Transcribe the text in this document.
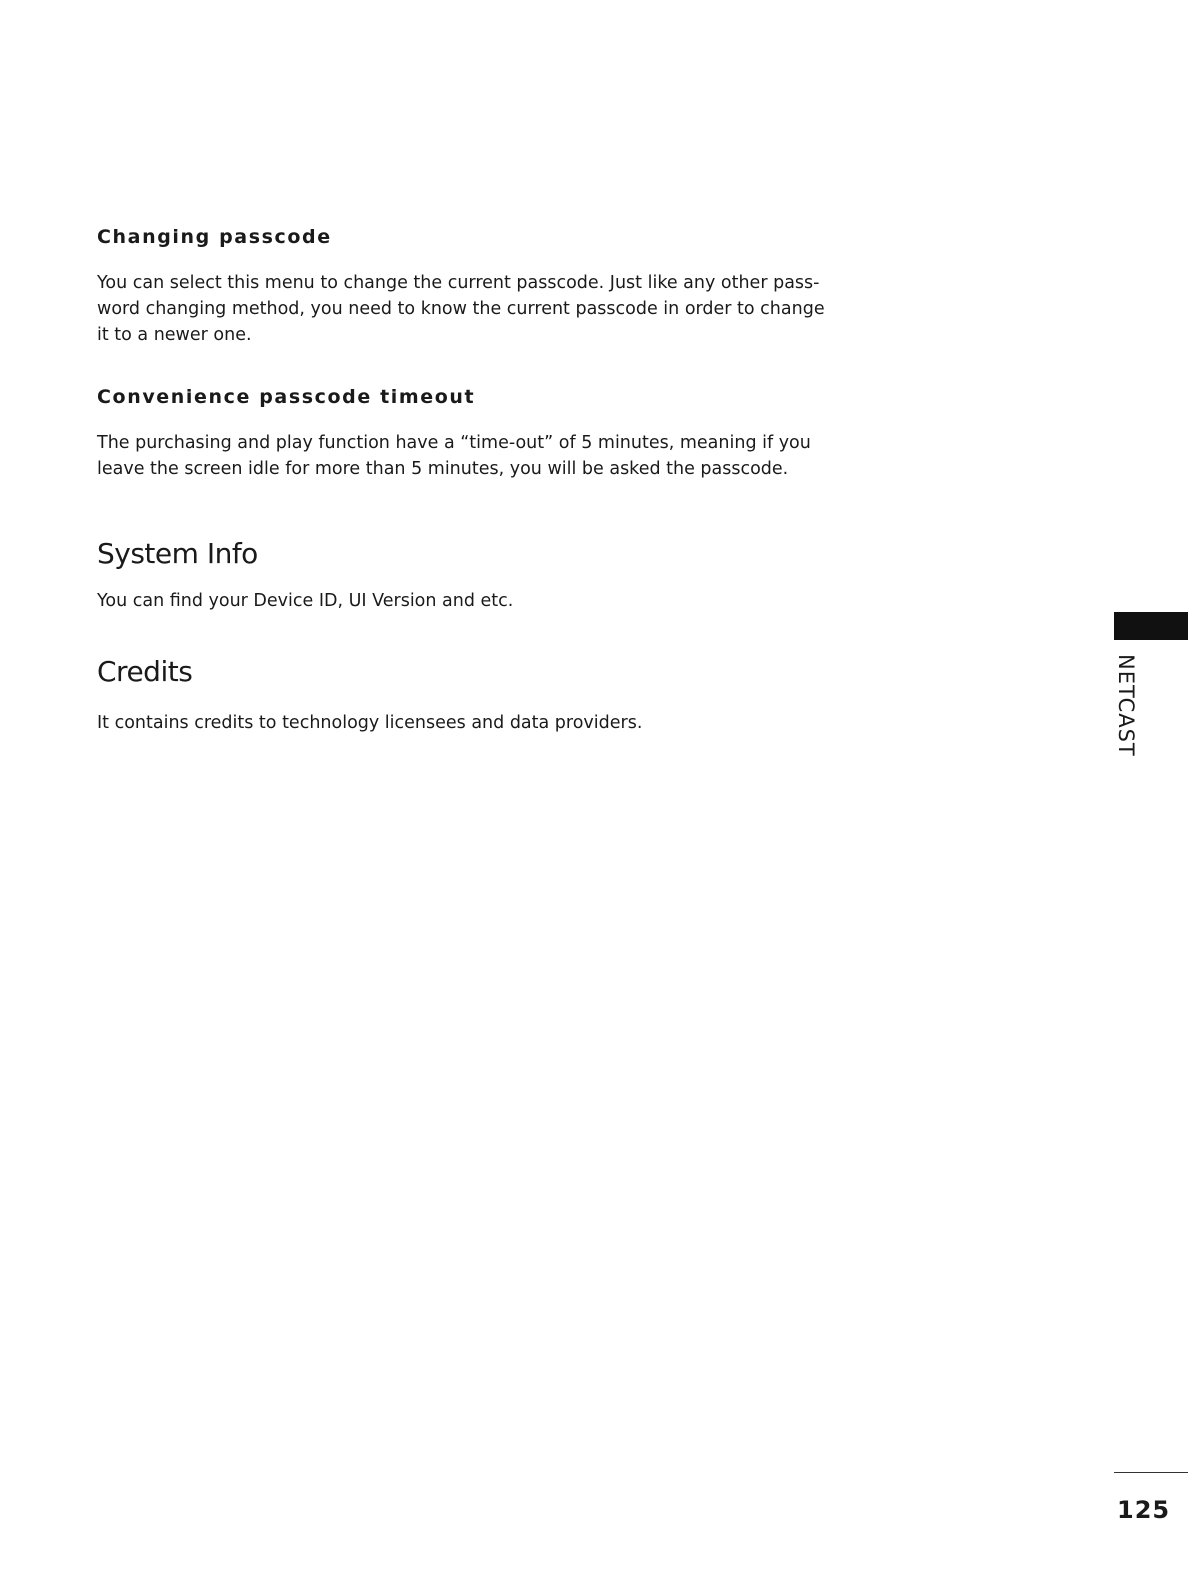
Changing passcode

You can select this menu to change the current passcode. Just like any other pass-
word changing method, you need to know the current passcode in order to change
it to a newer one.

Convenience passcode timeout

The purchasing and play function have a “time-out” of 5 minutes, meaning if you
leave the screen idle for more than 5 minutes, you will be asked the passcode.

System Info

You can find your Device ID, UI Version and etc.

Credits

It contains credits to technology licensees and data providers.	NETCAST

125
